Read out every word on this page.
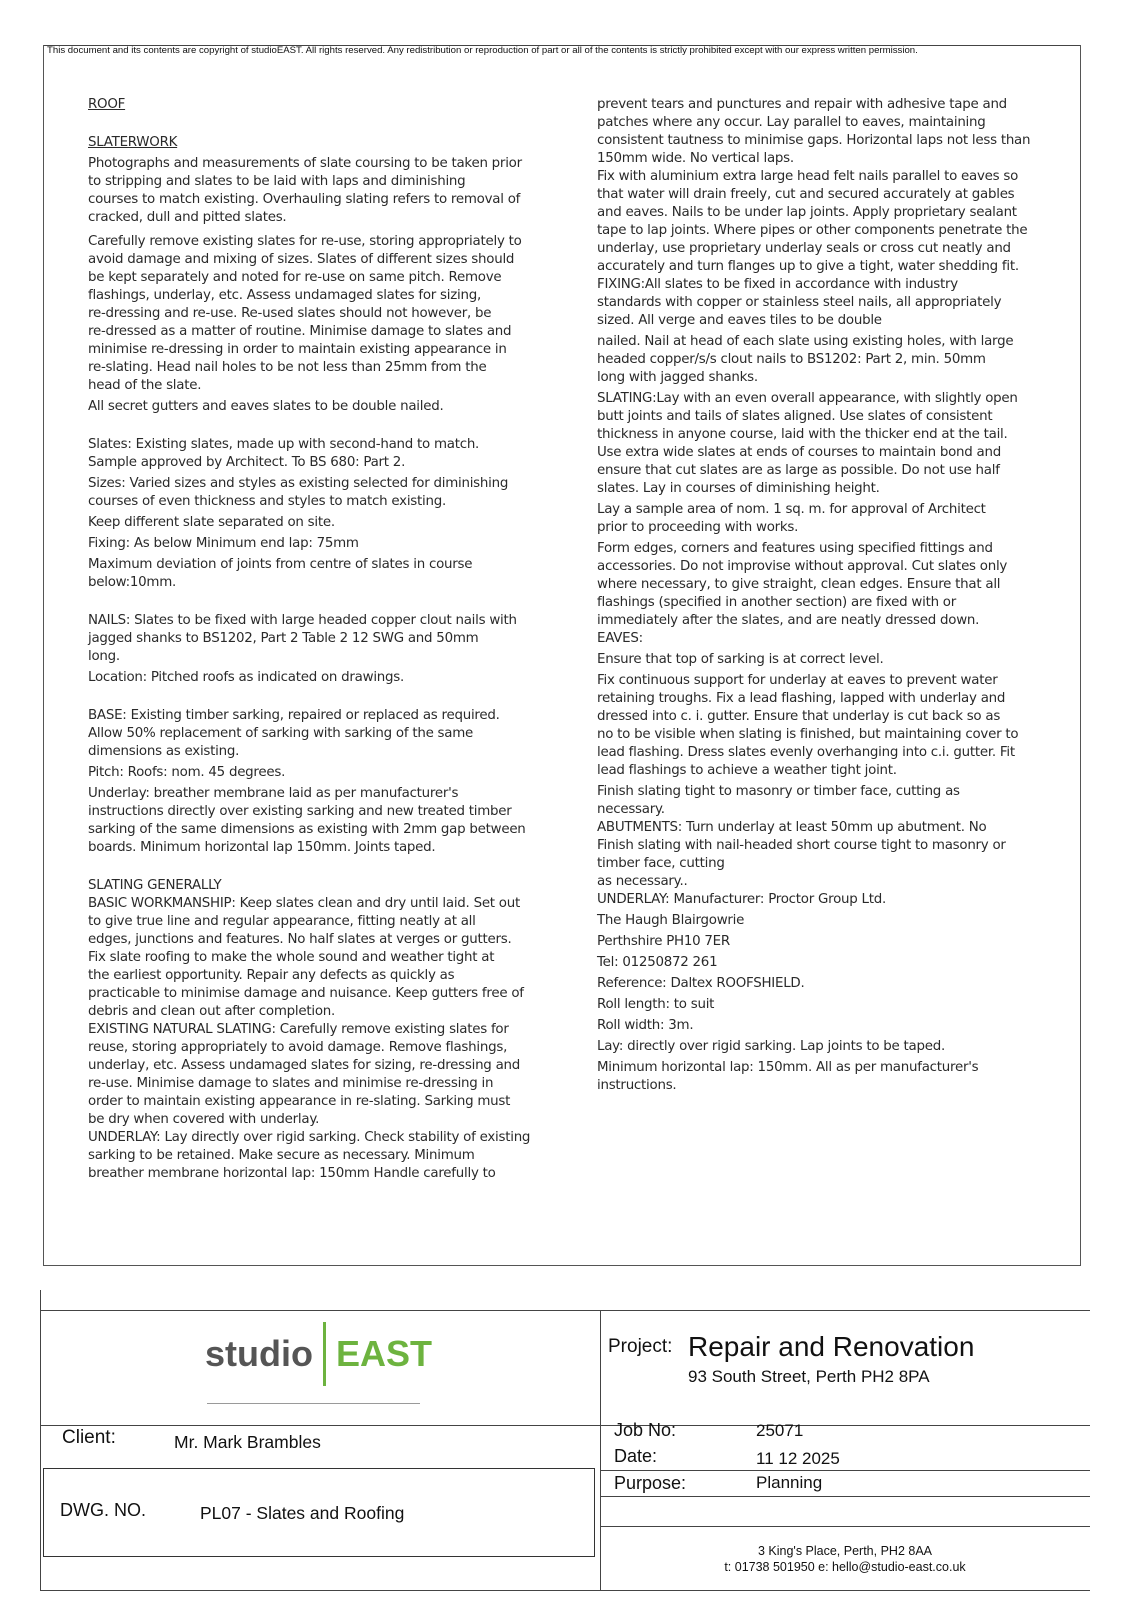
This document and its contents are copyright of studioEAST. All rights reserved. Any redistribution or reproduction of part or all of the contents is strictly prohibited except with our express written permission.

ROOF

SLATERWORK

Photographs and measurements of slate coursing to be taken prior
to stripping and slates to be laid with laps and diminishing
courses to match existing. Overhauling slating refers to removal of
cracked, dull and pitted slates.

Carefully remove existing slates for re-use, storing appropriately to
avoid damage and mixing of sizes. Slates of different sizes should
be kept separately and noted for re-use on same pitch. Remove
flashings, underlay, etc. Assess undamaged slates for sizing,
re-dressing and re-use. Re-used slates should not however, be
re-dressed as a matter of routine. Minimise damage to slates and
minimise re-dressing in order to maintain existing appearance in
re-slating. Head nail holes to be not less than 25mm from the
head of the slate.

All secret gutters and eaves slates to be double nailed.

Slates: Existing slates, made up with second-hand to match.
Sample approved by Architect. To BS 680: Part 2.

Sizes: Varied sizes and styles as existing selected for diminishing
courses of even thickness and styles to match existing.

Keep different slate separated on site.

Fixing: As below Minimum end lap: 75mm

Maximum deviation of joints from centre of slates in course
below:10mm.

NAILS: Slates to be fixed with large headed copper clout nails with
jagged shanks to BS1202, Part 2 Table 2 12 SWG and 50mm
long.

Location: Pitched roofs as indicated on drawings.

BASE: Existing timber sarking, repaired or replaced as required.
Allow 50% replacement of sarking with sarking of the same
dimensions as existing.

Pitch: Roofs: nom. 45 degrees.

Underlay: breather membrane laid as per manufacturer's
instructions directly over existing sarking and new treated timber
sarking of the same dimensions as existing with 2mm gap between
boards. Minimum horizontal lap 150mm. Joints taped.

SLATING GENERALLY
BASIC WORKMANSHIP: Keep slates clean and dry until laid. Set out
to give true line and regular appearance, fitting neatly at all
edges, junctions and features. No half slates at verges or gutters.
Fix slate roofing to make the whole sound and weather tight at
the earliest opportunity. Repair any defects as quickly as
practicable to minimise damage and nuisance. Keep gutters free of
debris and clean out after completion.
EXISTING NATURAL SLATING: Carefully remove existing slates for
reuse, storing appropriately to avoid damage. Remove flashings,
underlay, etc. Assess undamaged slates for sizing, re-dressing and
re-use. Minimise damage to slates and minimise re-dressing in
order to maintain existing appearance in re-slating. Sarking must
be dry when covered with underlay.
UNDERLAY: Lay directly over rigid sarking. Check stability of existing
sarking to be retained. Make secure as necessary. Minimum
breather membrane horizontal lap: 150mm Handle carefully to

prevent tears and punctures and repair with adhesive tape and
patches where any occur. Lay parallel to eaves, maintaining
consistent tautness to minimise gaps. Horizontal laps not less than
150mm wide. No vertical laps.
Fix with aluminium extra large head felt nails parallel to eaves so
that water will drain freely, cut and secured accurately at gables
and eaves. Nails to be under lap joints. Apply proprietary sealant
tape to lap joints. Where pipes or other components penetrate the
underlay, use proprietary underlay seals or cross cut neatly and
accurately and turn flanges up to give a tight, water shedding fit.
FIXING:All slates to be fixed in accordance with industry
standards with copper or stainless steel nails, all appropriately
sized. All verge and eaves tiles to be double

nailed. Nail at head of each slate using existing holes, with large
headed copper/s/s clout nails to BS1202: Part 2, min. 50mm
long with jagged shanks.

SLATING:Lay with an even overall appearance, with slightly open
butt joints and tails of slates aligned. Use slates of consistent
thickness in anyone course, laid with the thicker end at the tail.
Use extra wide slates at ends of courses to maintain bond and
ensure that cut slates are as large as possible. Do not use half
slates. Lay in courses of diminishing height.

Lay a sample area of nom. 1 sq. m. for approval of Architect
prior to proceeding with works.

Form edges, corners and features using specified fittings and
accessories. Do not improvise without approval. Cut slates only
where necessary, to give straight, clean edges. Ensure that all
flashings (specified in another section) are fixed with or
immediately after the slates, and are neatly dressed down.
EAVES:

Ensure that top of sarking is at correct level.

Fix continuous support for underlay at eaves to prevent water
retaining troughs. Fix a lead flashing, lapped with underlay and
dressed into c. i. gutter. Ensure that underlay is cut back so as
no to be visible when slating is finished, but maintaining cover to
lead flashing. Dress slates evenly overhanging into c.i. gutter. Fit
lead flashings to achieve a weather tight joint.

Finish slating tight to masonry or timber face, cutting as
necessary.
ABUTMENTS: Turn underlay at least 50mm up abutment. No
Finish slating with nail-headed short course tight to masonry or
timber face, cutting
as necessary..
UNDERLAY: Manufacturer: Proctor Group Ltd.

The Haugh Blairgowrie

Perthshire PH10 7ER

Tel: 01250872 261

Reference: Daltex ROOFSHIELD.

Roll length: to suit

Roll width: 3m.

Lay: directly over rigid sarking. Lap joints to be taped.

Minimum horizontal lap: 150mm. All as per manufacturer's
instructions.

studio EAST	Project: Repair and Renovation
93 South Street, Perth PH2 8PA
Client:	Mr. Mark Brambles
DWG. NO.	PL07 - Slates and Roofing
Job No:	25071
Date:	11 12 2025
Purpose:	Planning
3 King's Place, Perth, PH2 8AA
t: 01738 501950 e: hello@studio-east.co.uk
